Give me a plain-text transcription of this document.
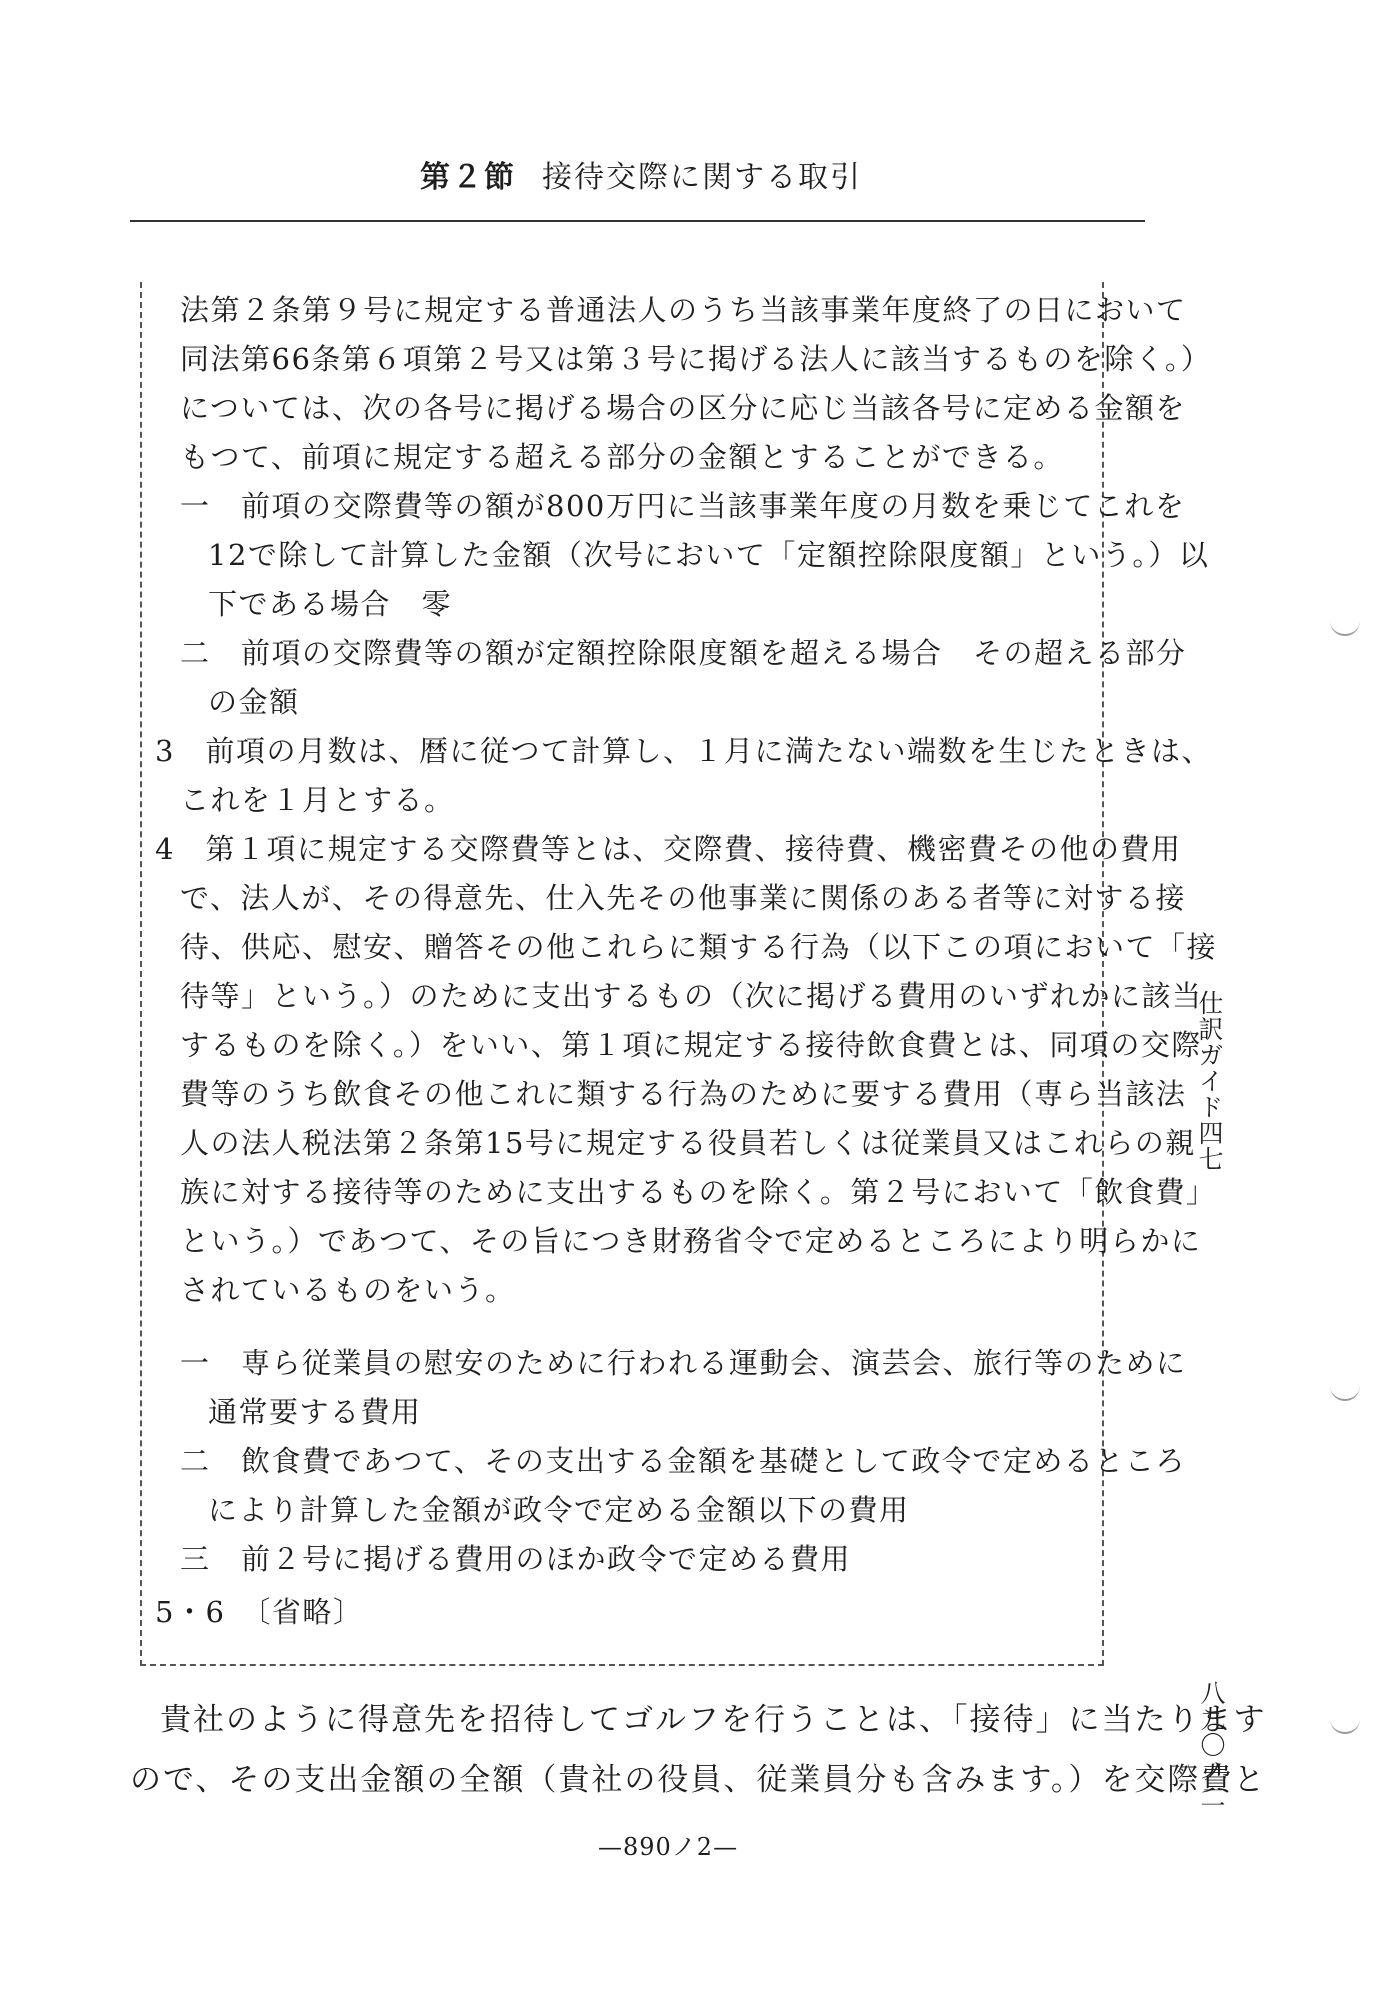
第２節 接待交際に関する取引
法第２条第９号に規定する普通法人のうち当該事業年度終了の日において
同法第66条第６項第２号又は第３号に掲げる法人に該当するものを除く。）
については、次の各号に掲げる場合の区分に応じ当該各号に定める金額を
もつて、前項に規定する超える部分の金額とすることができる。
一　前項の交際費等の額が800万円に当該事業年度の月数を乗じてこれを
12で除して計算した金額（次号において「定額控除限度額」という。）以
下である場合　零
二　前項の交際費等の額が定額控除限度額を超える場合　その超える部分
の金額
3　前項の月数は、暦に従つて計算し、１月に満たない端数を生じたときは、
これを１月とする。
4　第１項に規定する交際費等とは、交際費、接待費、機密費その他の費用
で、法人が、その得意先、仕入先その他事業に関係のある者等に対する接
待、供応、慰安、贈答その他これらに類する行為（以下この項において「接
待等」という。）のために支出するもの（次に掲げる費用のいずれかに該当
するものを除く。）をいい、第１項に規定する接待飲食費とは、同項の交際
費等のうち飲食その他これに類する行為のために要する費用（専ら当該法
人の法人税法第２条第15号に規定する役員若しくは従業員又はこれらの親
族に対する接待等のために支出するものを除く。第２号において「飲食費」
という。）であつて、その旨につき財務省令で定めるところにより明らかに
されているものをいう。
一　専ら従業員の慰安のために行われる運動会、演芸会、旅行等のために
通常要する費用
二　飲食費であつて、その支出する金額を基礎として政令で定めるところ
により計算した金額が政令で定める金額以下の費用
三　前２号に掲げる費用のほか政令で定める費用
5・6　〔省略〕
貴社のように得意先を招待してゴルフを行うことは、「接待」に当たります
ので、その支出金額の全額（貴社の役員、従業員分も含みます。）を交際費と
仕訳ガイド四七
八九〇ノ二
—890ノ2—
